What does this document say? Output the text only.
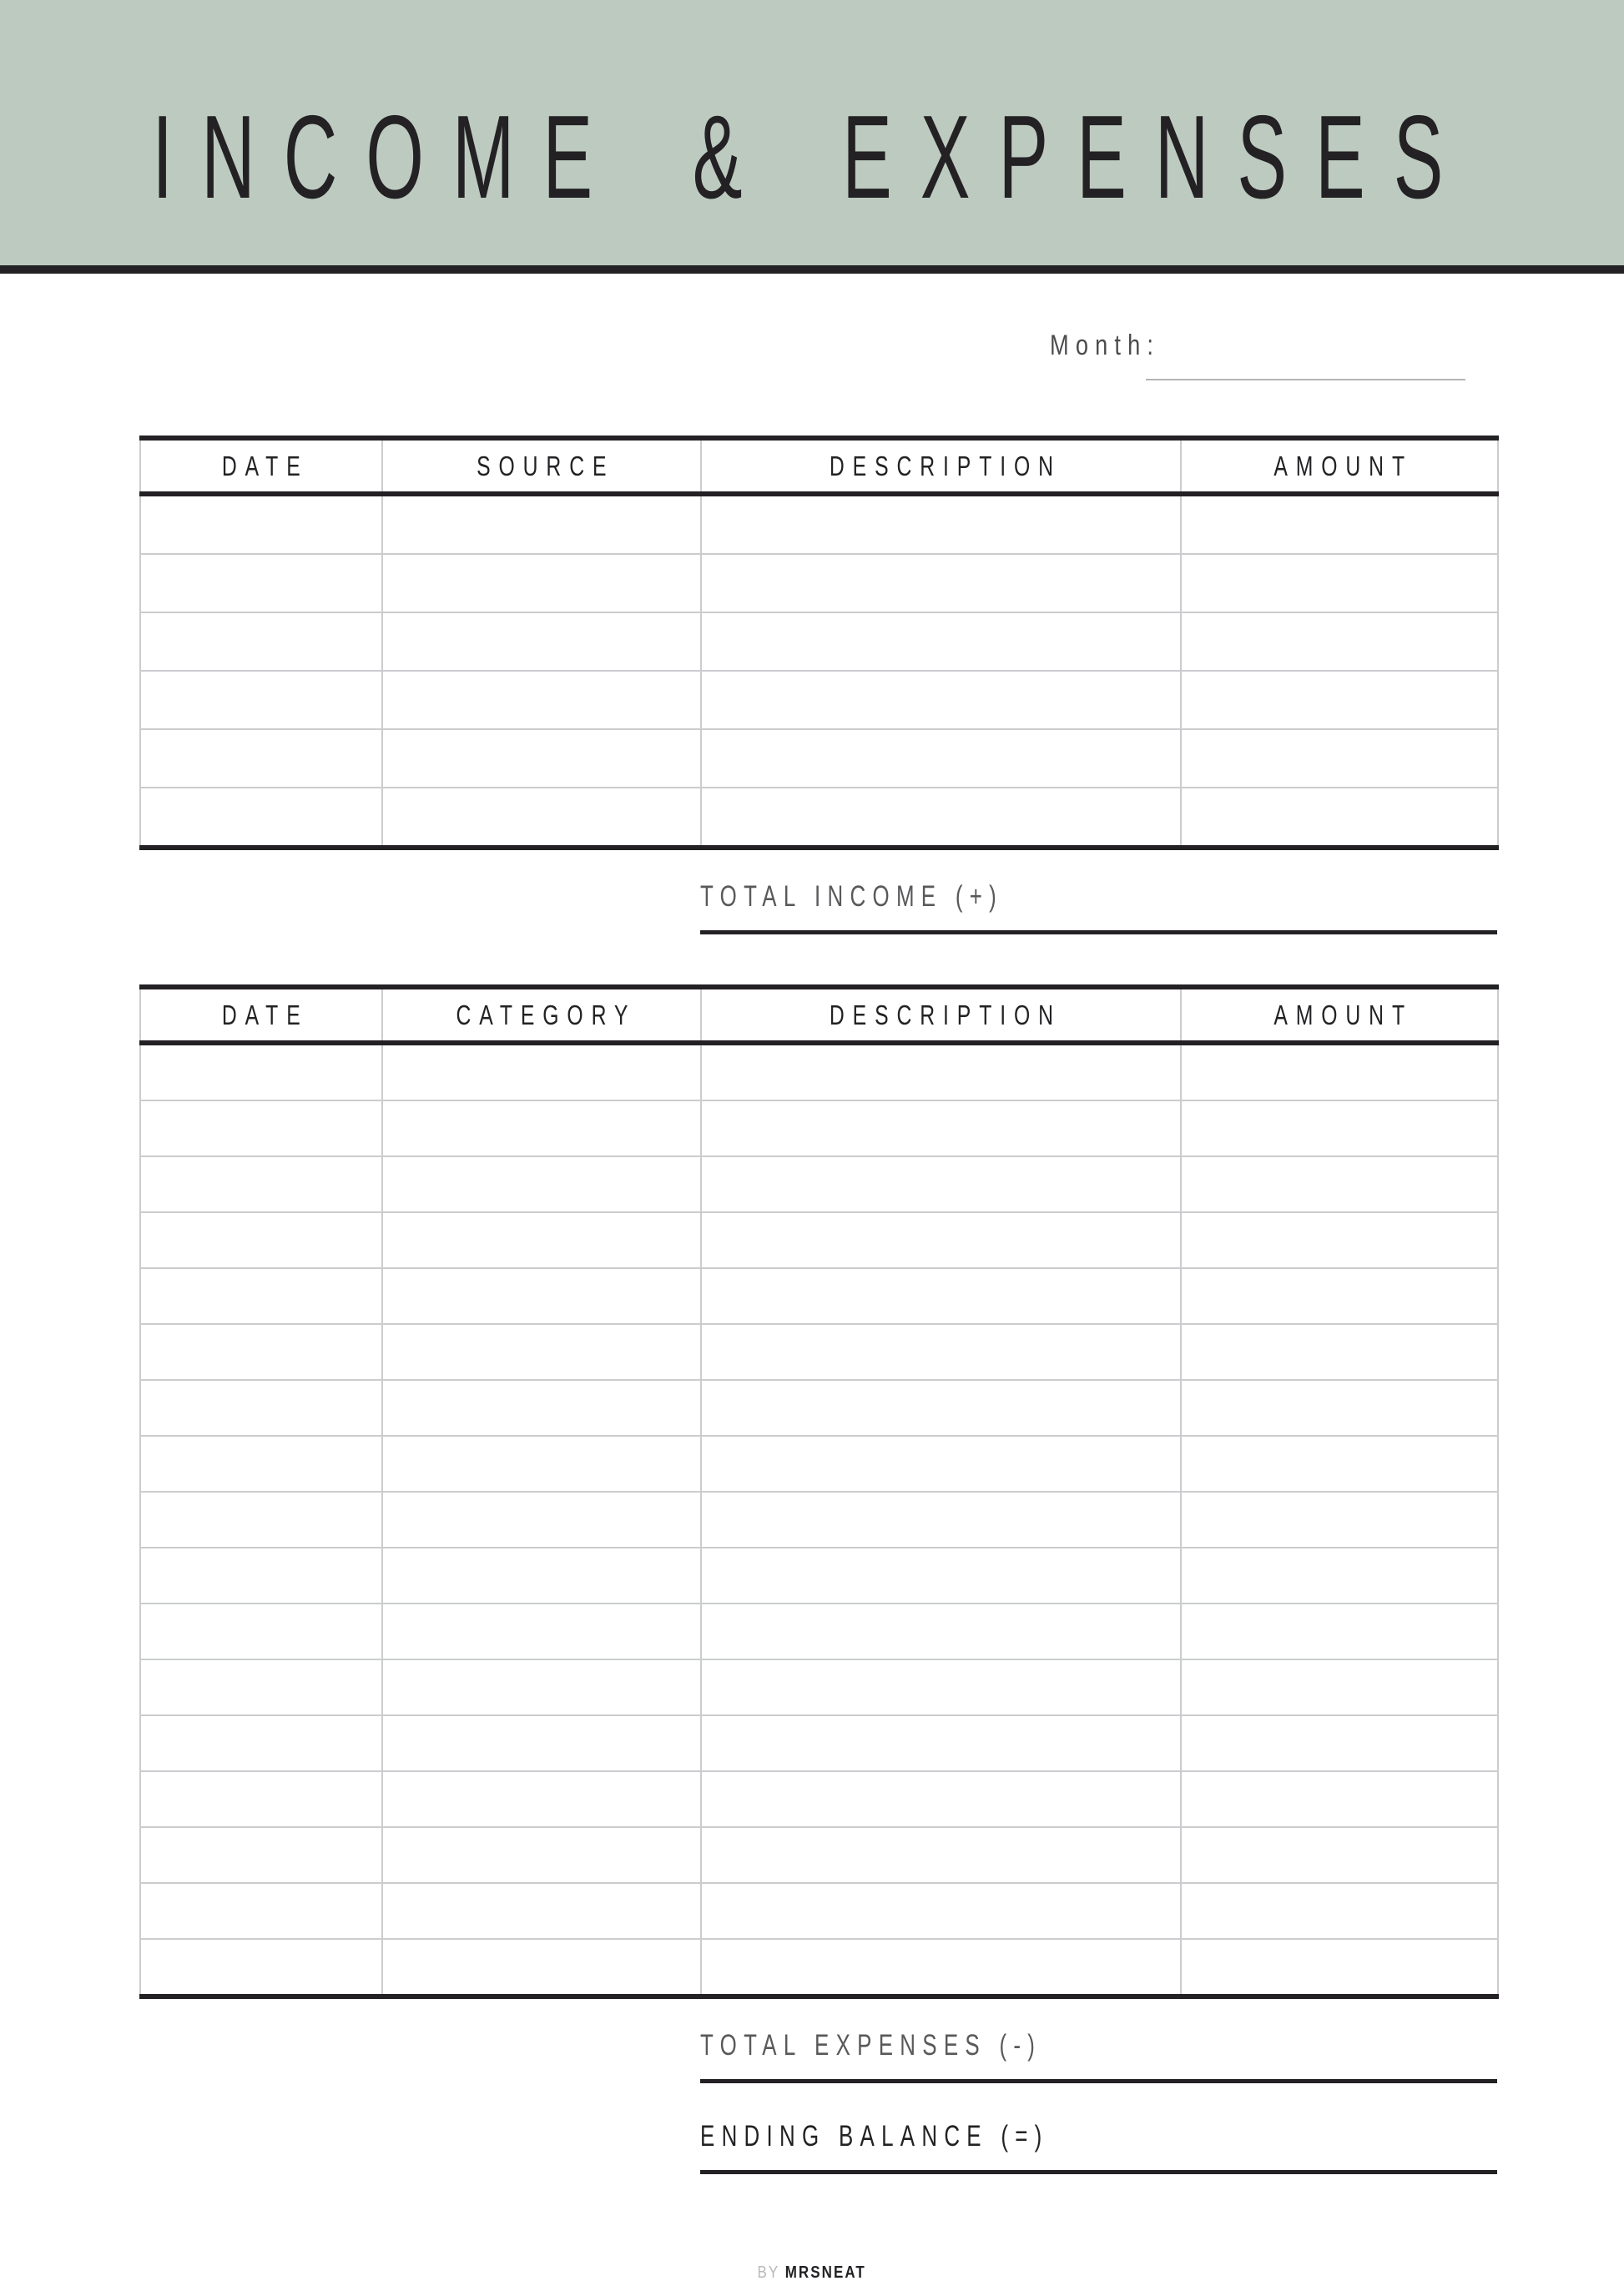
INCOME & EXPENSES
Month:
DATE	SOURCE	DESCRIPTION	AMOUNT

TOTAL INCOME (+)
DATE	CATEGORY	DESCRIPTION	AMOUNT

TOTAL EXPENSES (-)
ENDING BALANCE (=)
BY MRSNEAT
